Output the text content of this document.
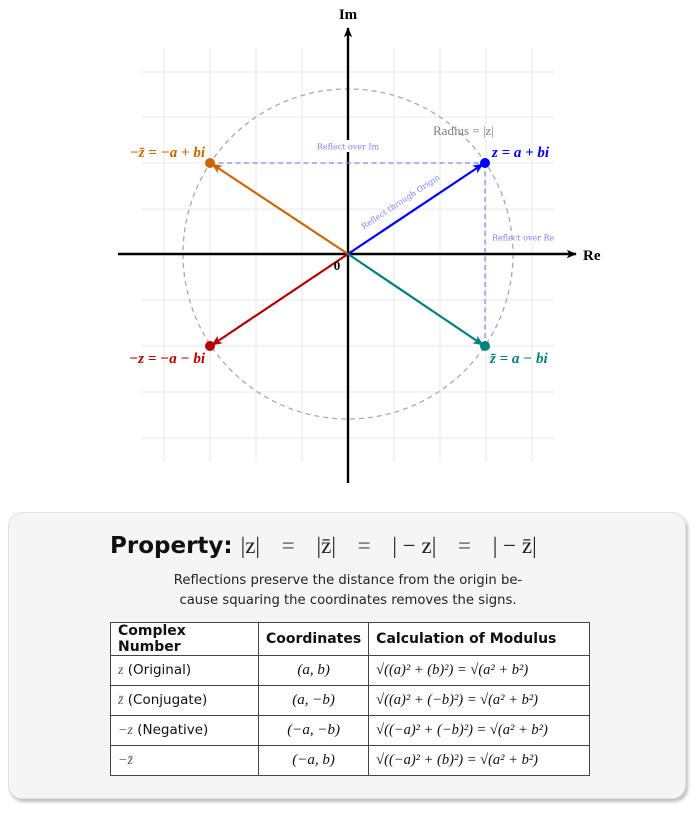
Reflect over Im
Reflect over Re
Reflect through Origin
Radius = |z|
z = a + bi
−z̄ = −a + bi
−z = −a − bi	z̄ = a − bi
Im
Re
0
Property: |z| = |z̄| = | − z| = | − z̄|
Reflections preserve the distance from the origin be-
cause squaring the coordinates removes the signs.
Complex Number	Coordinates	Calculation of Modulus
z (Original)	(a, b)	√((a)² + (b)²) = √(a² + b²)
z̄ (Conjugate)	(a, −b)	√((a)² + (−b)²) = √(a² + b²)
−z (Negative)	(−a, −b)	√((−a)² + (−b)²) = √(a² + b²)
−z̄	(−a, b)	√((−a)² + (b)²) = √(a² + b²)
